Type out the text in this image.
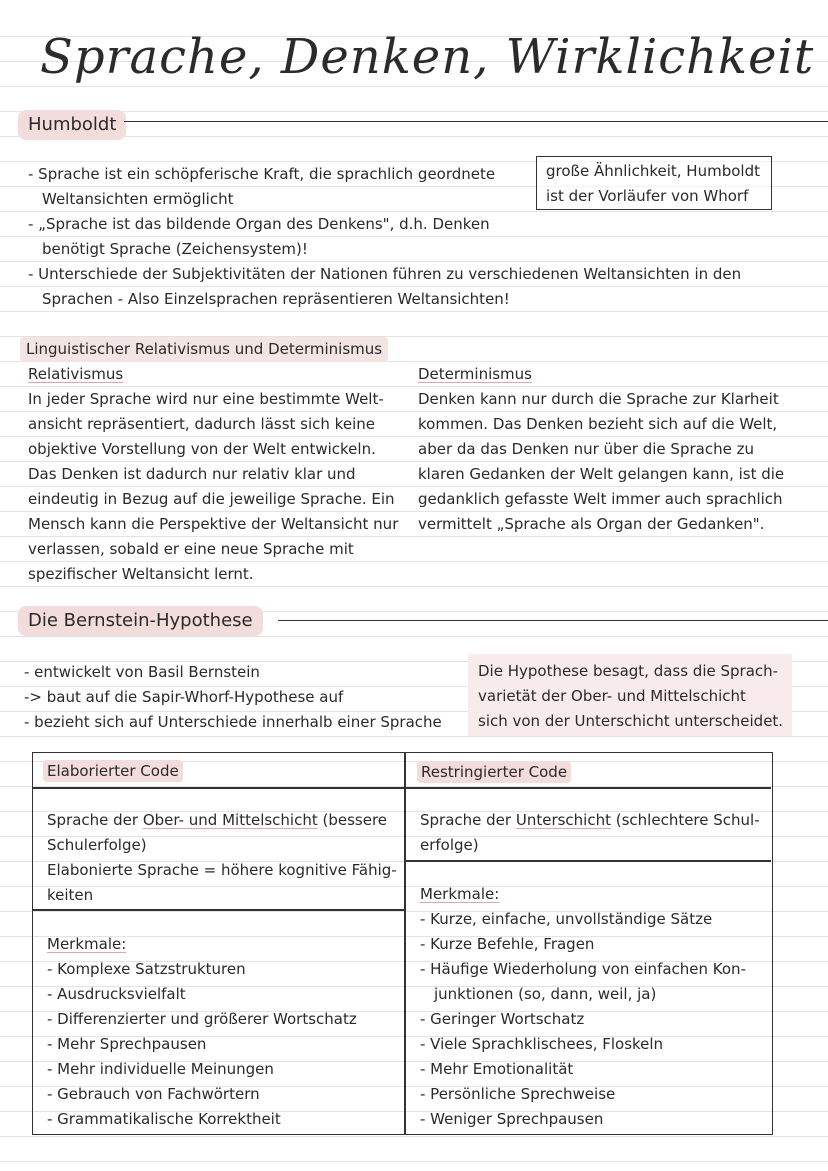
Sprache, Denken, Wirklichkeit
Humboldt
- Sprache ist ein schöpferische Kraft, die sprachlich geordnete
Weltansichten ermöglicht
- „Sprache ist das bildende Organ des Denkens", d.h. Denken
benötigt Sprache (Zeichensystem)!
- Unterschiede der Subjektivitäten der Nationen führen zu verschiedenen Weltansichten in den
Sprachen - Also Einzelsprachen repräsentieren Weltansichten!
große Ähnlichkeit, Humboldt
ist der Vorläufer von Whorf
Linguistischer Relativismus und Determinismus
Relativismus
In jeder Sprache wird nur eine bestimmte Welt-
ansicht repräsentiert, dadurch lässt sich keine
objektive Vorstellung von der Welt entwickeln.
Das Denken ist dadurch nur relativ klar und
eindeutig in Bezug auf die jeweilige Sprache. Ein
Mensch kann die Perspektive der Weltansicht nur
verlassen, sobald er eine neue Sprache mit
spezifischer Weltansicht lernt.
Determinismus
Denken kann nur durch die Sprache zur Klarheit
kommen. Das Denken bezieht sich auf die Welt,
aber da das Denken nur über die Sprache zu
klaren Gedanken der Welt gelangen kann, ist die
gedanklich gefasste Welt immer auch sprachlich
vermittelt „Sprache als Organ der Gedanken".
Die Bernstein-Hypothese
- entwickelt von Basil Bernstein
-> baut auf die Sapir-Whorf-Hypothese auf
- bezieht sich auf Unterschiede innerhalb einer Sprache
Die Hypothese besagt, dass die Sprach-
varietät der Ober- und Mittelschicht
sich von der Unterschicht unterscheidet.
Elaborierter Code
Sprache der Ober- und Mittelschicht (bessere
Schulerfolge)
Elabonierte Sprache = höhere kognitive Fähig-
keiten
Merkmale:
- Komplexe Satzstrukturen
- Ausdrucksvielfalt
- Differenzierter und größerer Wortschatz
- Mehr Sprechpausen
- Mehr individuelle Meinungen
- Gebrauch von Fachwörtern
- Grammatikalische Korrektheit
Restringierter Code
Sprache der Unterschicht (schlechtere Schul-
erfolge)
Merkmale:
- Kurze, einfache, unvollständige Sätze
- Kurze Befehle, Fragen
- Häufige Wiederholung von einfachen Kon-
junktionen (so, dann, weil, ja)
- Geringer Wortschatz
- Viele Sprachklischees, Floskeln
- Mehr Emotionalität
- Persönliche Sprechweise
- Weniger Sprechpausen
